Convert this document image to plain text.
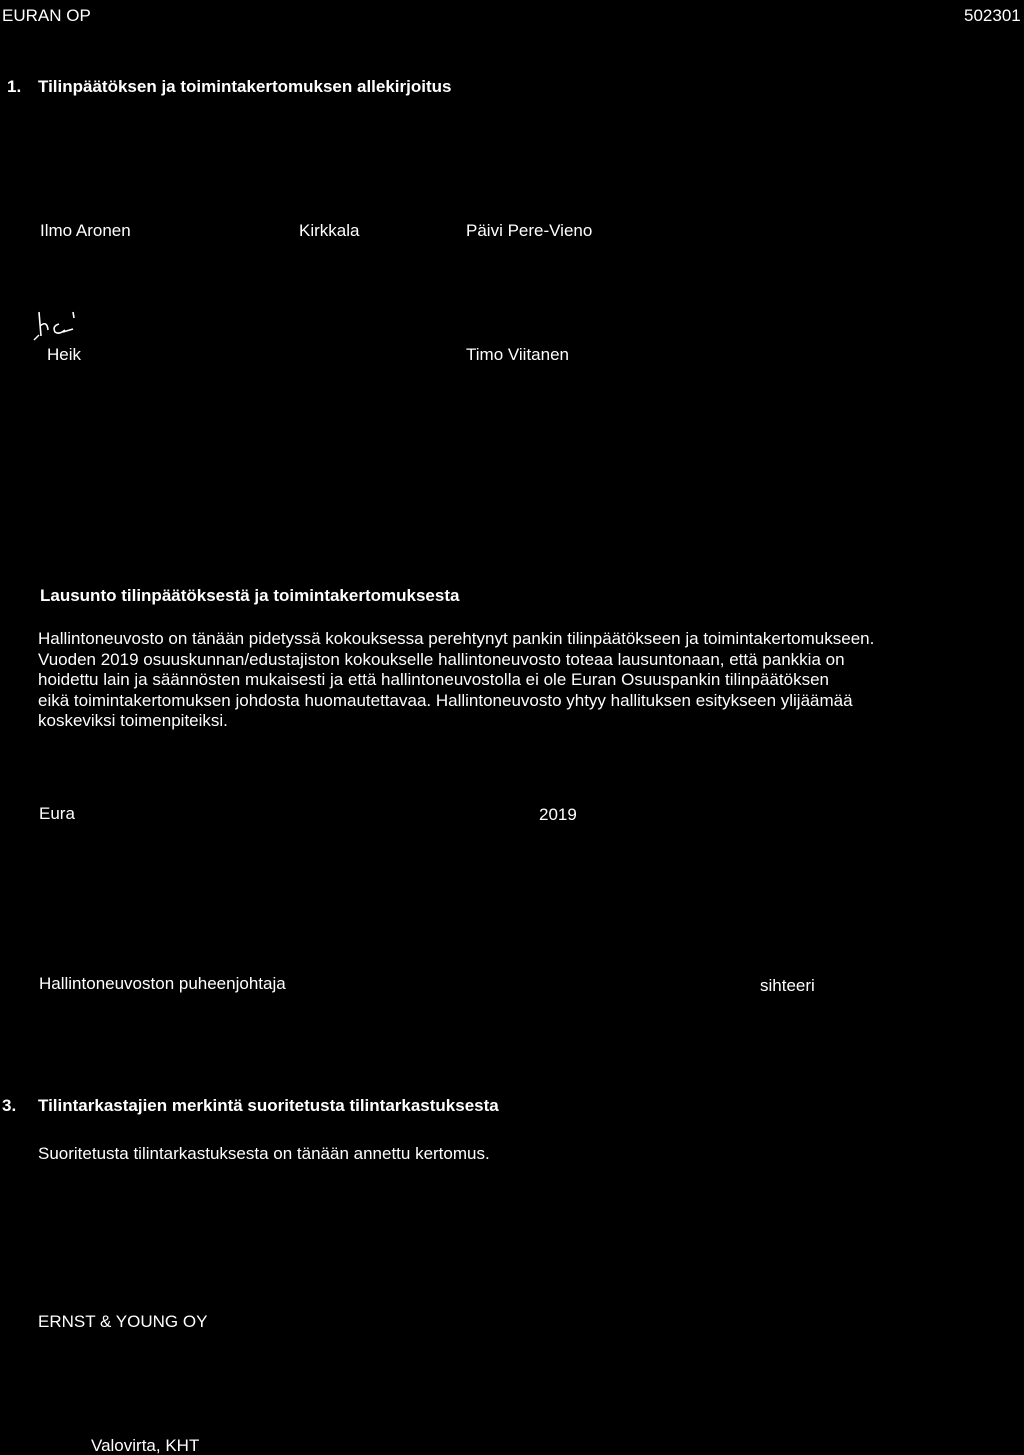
EURAN OP	502301
1. Tilinpäätöksen ja toimintakertomuksen allekirjoitus
Ilmo Aronen	Kirkkala	Päivi Pere-Vieno
Heik	Timo Viitanen
Lausunto tilinpäätöksestä ja toimintakertomuksesta
Hallintoneuvosto on tänään pidetyssä kokouksessa perehtynyt pankin tilinpäätökseen ja toimintakertomukseen.
Vuoden 2019 osuuskunnan/edustajiston kokoukselle hallintoneuvosto toteaa lausuntonaan, että pankkia on
hoidettu lain ja säännösten mukaisesti ja että hallintoneuvostolla ei ole Euran Osuuspankin tilinpäätöksen
eikä toimintakertomuksen johdosta huomautettavaa. Hallintoneuvosto yhtyy hallituksen esitykseen ylijäämää
koskeviksi toimenpiteiksi.
Eura	2019
Hallintoneuvoston puheenjohtaja	sihteeri
3. Tilintarkastajien merkintä suoritetusta tilintarkastuksesta
Suoritetusta tilintarkastuksesta on tänään annettu kertomus.
ERNST & YOUNG OY
Valovirta, KHT
